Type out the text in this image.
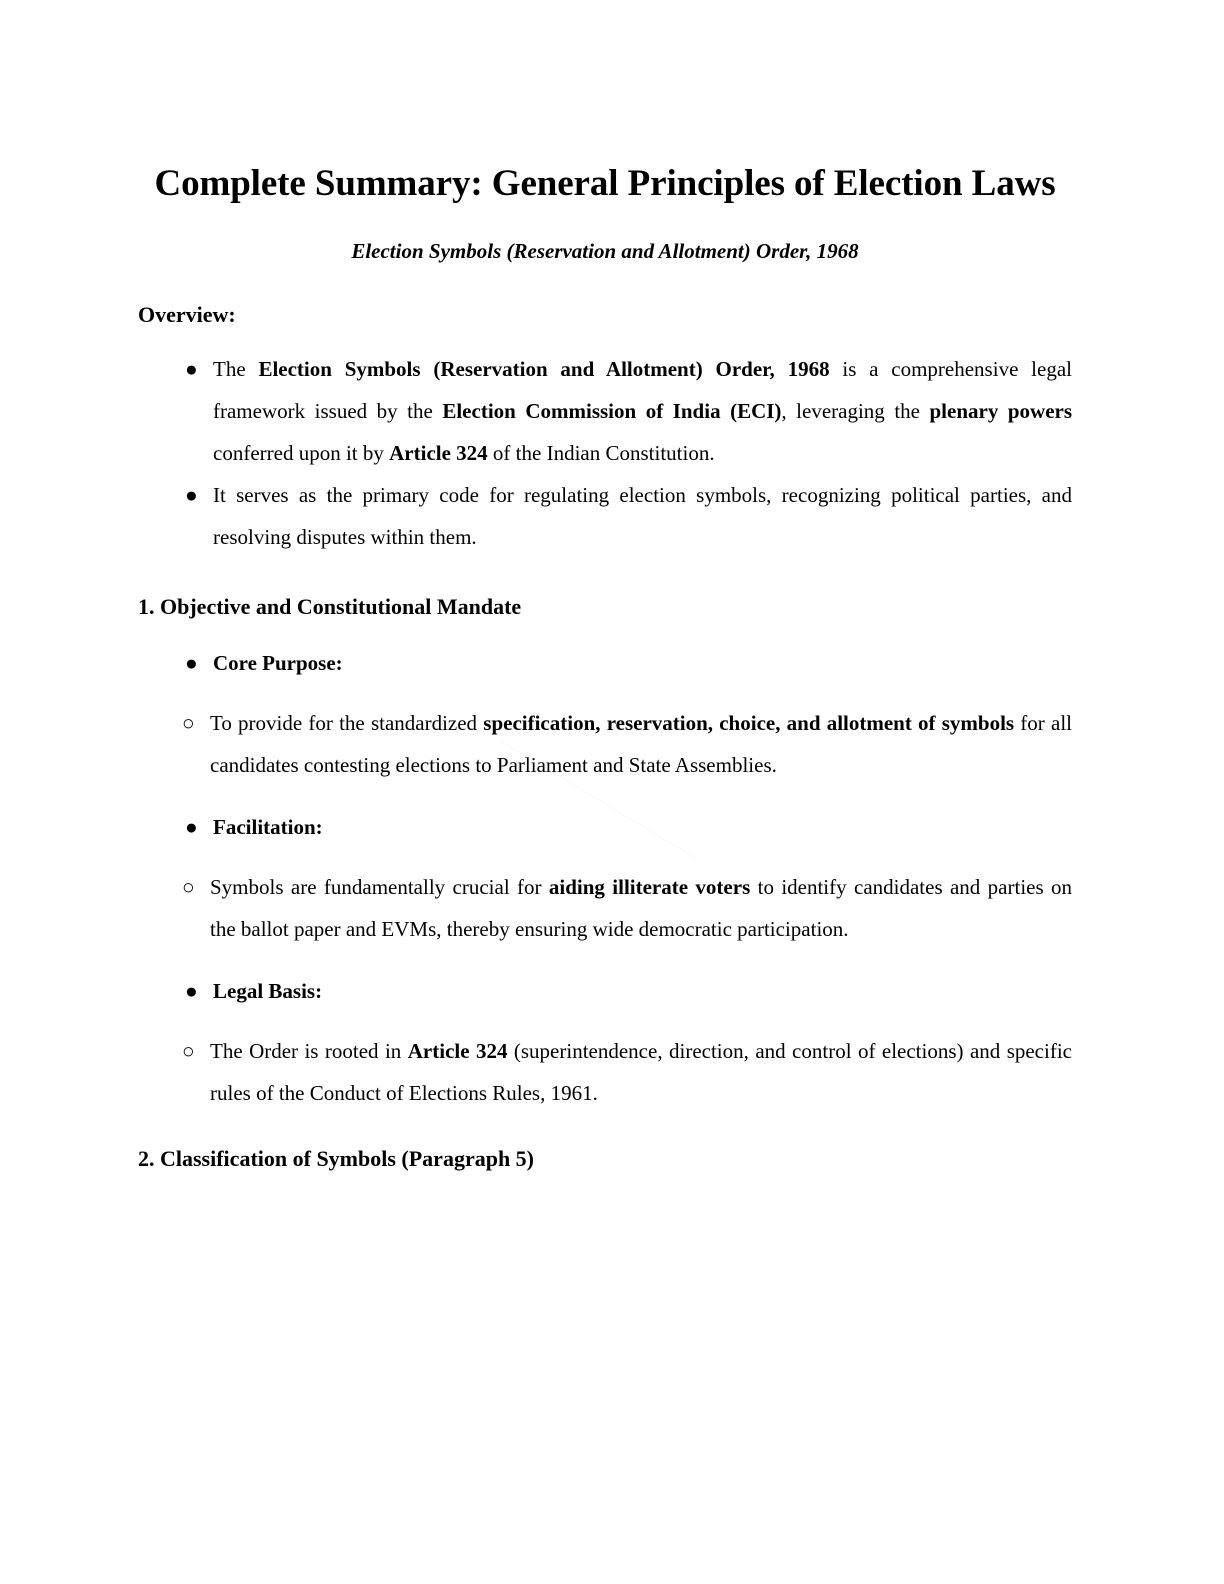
Complete Summary: General Principles of Election Laws
Election Symbols (Reservation and Allotment) Order, 1968
Overview:
● The Election Symbols (Reservation and Allotment) Order, 1968 is a comprehensive legal framework issued by the Election Commission of India (ECI), leveraging the plenary powers conferred upon it by Article 324 of the Indian Constitution.
● It serves as the primary code for regulating election symbols, recognizing political parties, and resolving disputes within them.
1. Objective and Constitutional Mandate
● Core Purpose:
○ To provide for the standardized specification, reservation, choice, and allotment of symbols for all candidates contesting elections to Parliament and State Assemblies.
● Facilitation:
○ Symbols are fundamentally crucial for aiding illiterate voters to identify candidates and parties on the ballot paper and EVMs, thereby ensuring wide democratic participation.
● Legal Basis:
○ The Order is rooted in Article 324 (superintendence, direction, and control of elections) and specific rules of the Conduct of Elections Rules, 1961.
2. Classification of Symbols (Paragraph 5)
